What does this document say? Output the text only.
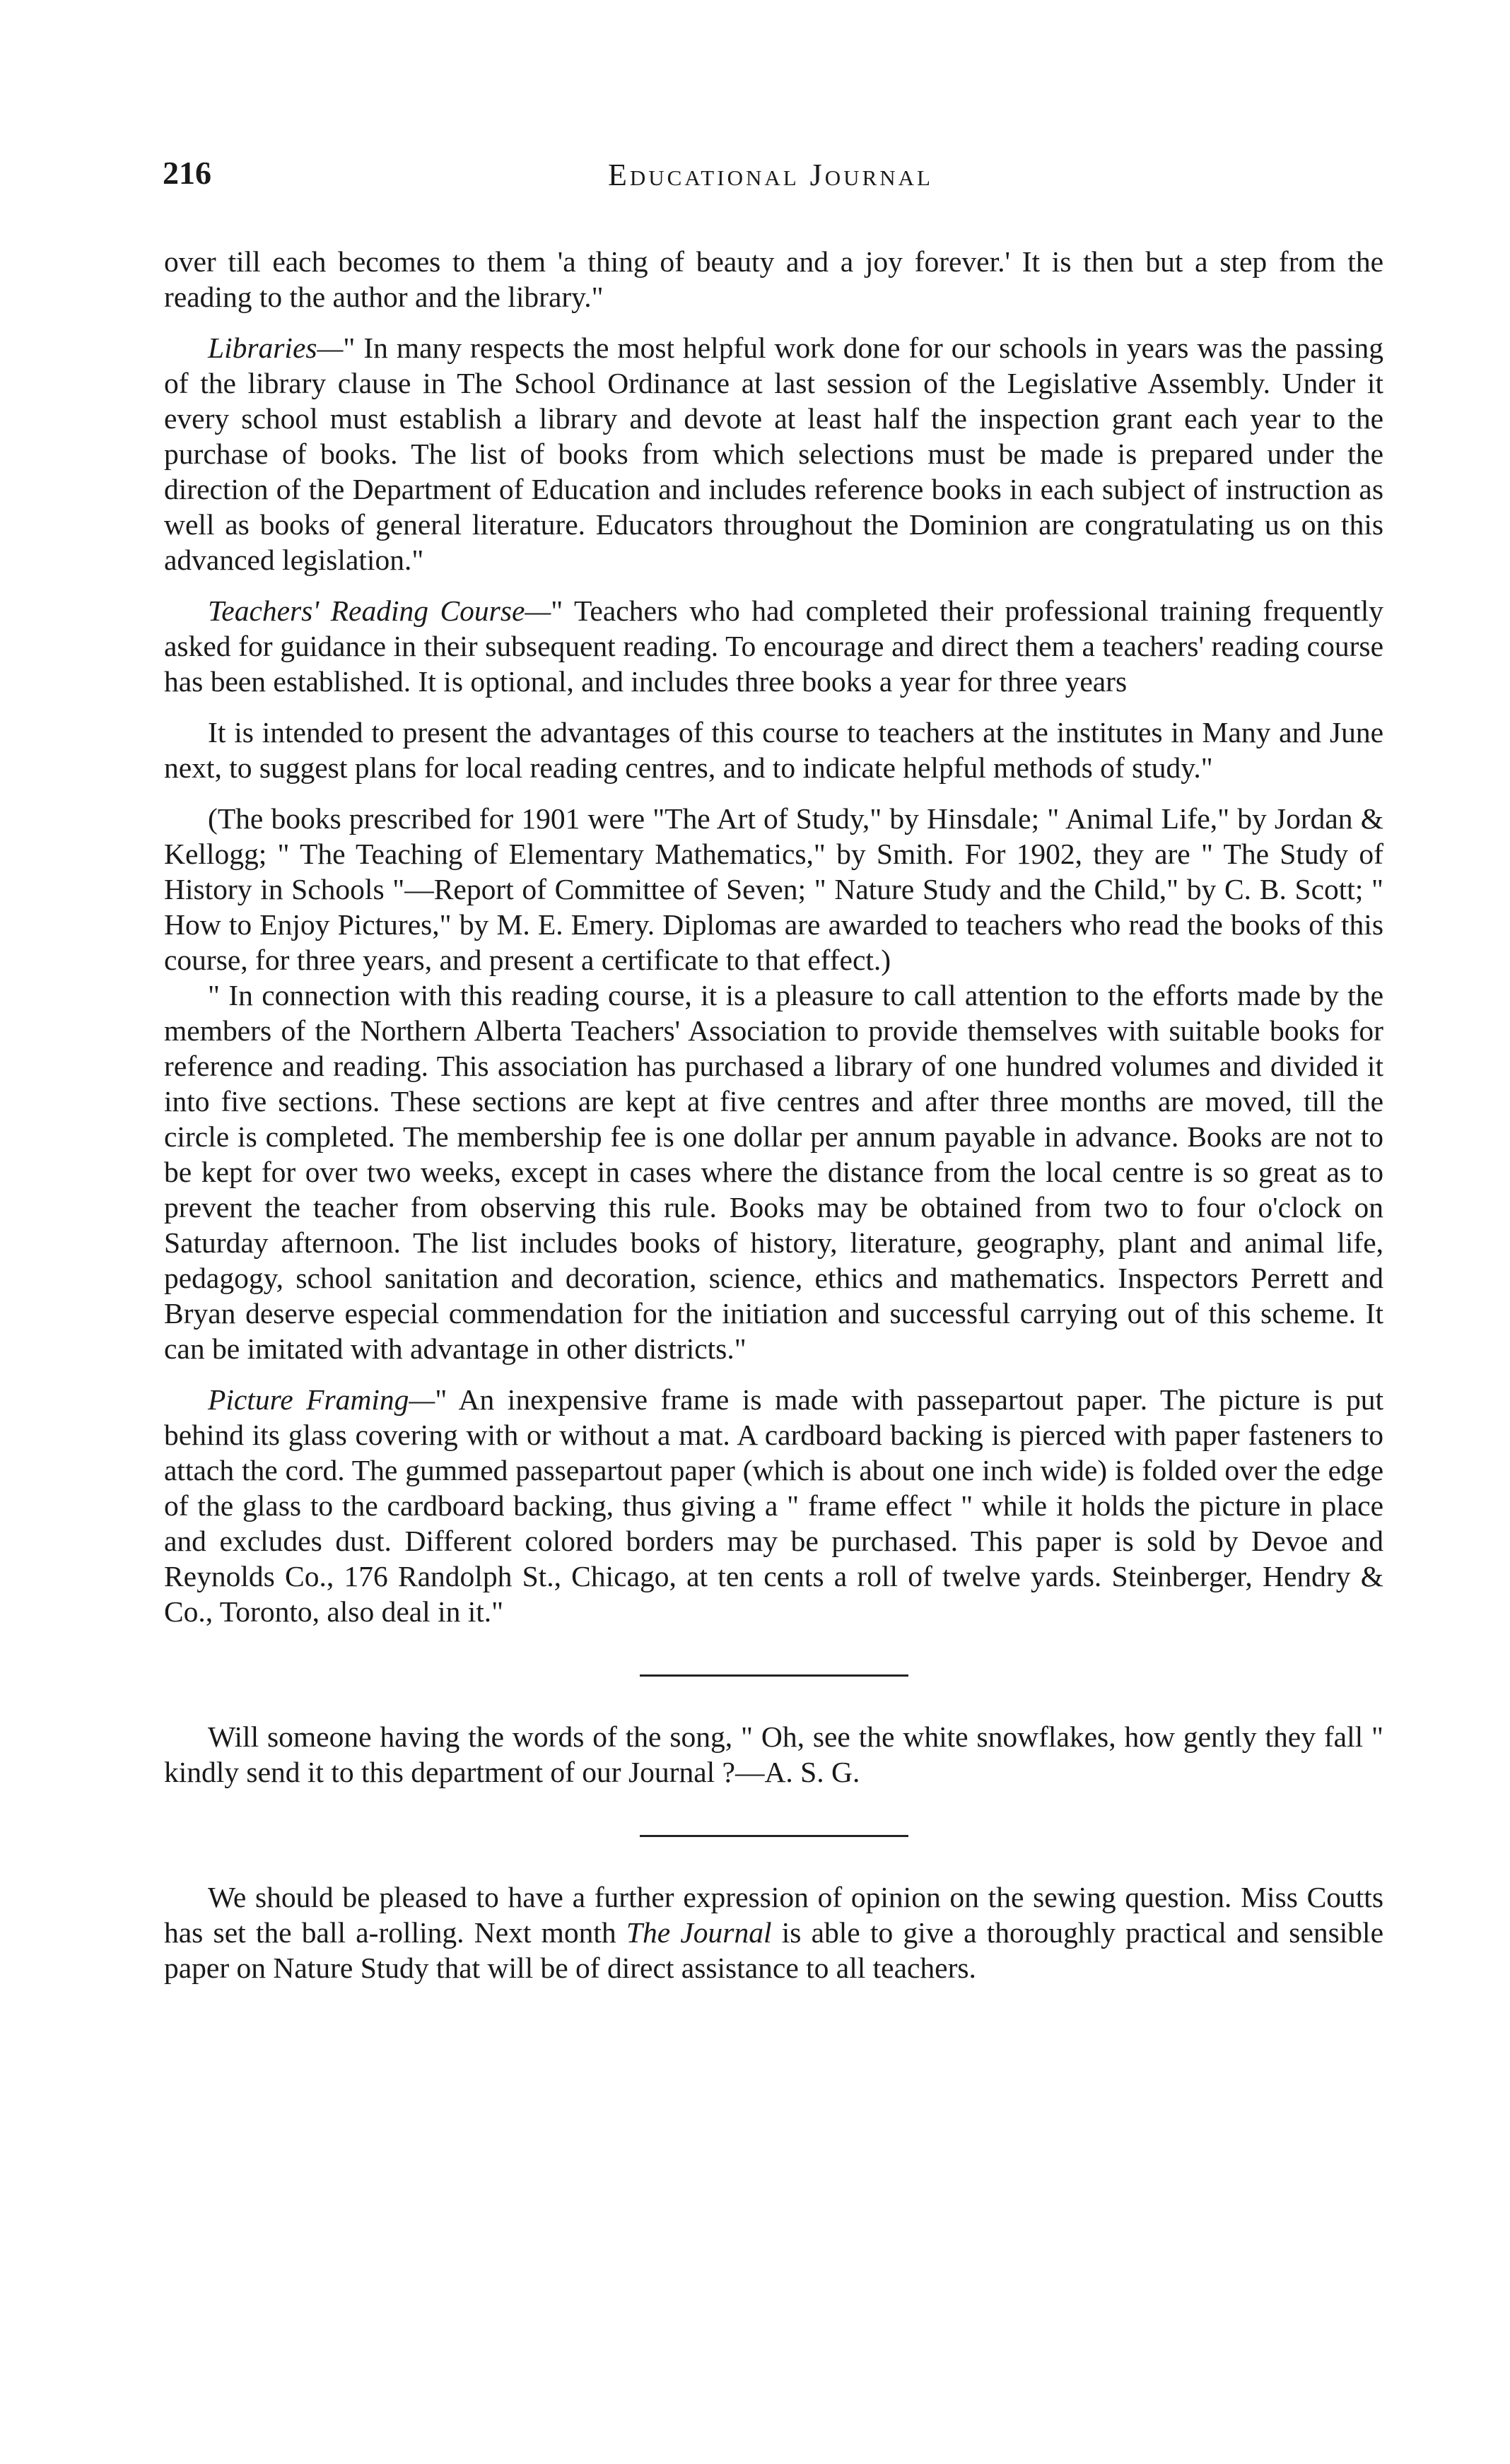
216	Educational Journal

over till each becomes to them 'a thing of beauty and a joy forever.' It is then but a step from the reading to the author and the library."

Libraries—" In many respects the most helpful work done for our schools in years was the passing of the library clause in The School Ordinance at last session of the Legislative Assembly. Under it every school must establish a library and devote at least half the inspection grant each year to the purchase of books. The list of books from which selections must be made is prepared under the direction of the Department of Education and includes reference books in each subject of instruction as well as books of general literature. Educators throughout the Dominion are congratulating us on this advanced legislation."

Teachers' Reading Course—" Teachers who had completed their professional training frequently asked for guidance in their subsequent reading. To encourage and direct them a teachers' reading course has been established. It is optional, and includes three books a year for three years

It is intended to present the advantages of this course to teachers at the institutes in Many and June next, to suggest plans for local reading centres, and to indicate helpful methods of study."

(The books prescribed for 1901 were "The Art of Study," by Hinsdale; " Animal Life," by Jordan & Kellogg; " The Teaching of Elementary Mathematics," by Smith. For 1902, they are " The Study of History in Schools "—Report of Committee of Seven; " Nature Study and the Child," by C. B. Scott; " How to Enjoy Pictures," by M. E. Emery. Diplomas are awarded to teachers who read the books of this course, for three years, and present a certificate to that effect.)

" In connection with this reading course, it is a pleasure to call attention to the efforts made by the members of the Northern Alberta Teachers' Association to provide themselves with suitable books for reference and reading. This association has purchased a library of one hundred volumes and divided it into five sections. These sections are kept at five centres and after three months are moved, till the circle is completed. The membership fee is one dollar per annum payable in advance. Books are not to be kept for over two weeks, except in cases where the distance from the local centre is so great as to prevent the teacher from observing this rule. Books may be obtained from two to four o'clock on Saturday afternoon. The list includes books of history, literature, geography, plant and animal life, pedagogy, school sanitation and decoration, science, ethics and mathematics. Inspectors Perrett and Bryan deserve especial commendation for the initiation and successful carrying out of this scheme. It can be imitated with advantage in other districts."

Picture Framing—" An inexpensive frame is made with passepartout paper. The picture is put behind its glass covering with or without a mat. A cardboard backing is pierced with paper fasteners to attach the cord. The gummed passepartout paper (which is about one inch wide) is folded over the edge of the glass to the cardboard backing, thus giving a " frame effect " while it holds the picture in place and excludes dust. Different colored borders may be purchased. This paper is sold by Devoe and Reynolds Co., 176 Randolph St., Chicago, at ten cents a roll of twelve yards. Steinberger, Hendry & Co., Toronto, also deal in it."

Will someone having the words of the song, " Oh, see the white snowflakes, how gently they fall " kindly send it to this department of our Journal ?—A. S. G.

We should be pleased to have a further expression of opinion on the sewing question. Miss Coutts has set the ball a-rolling. Next month The Journal is able to give a thoroughly practical and sensible paper on Nature Study that will be of direct assistance to all teachers.
